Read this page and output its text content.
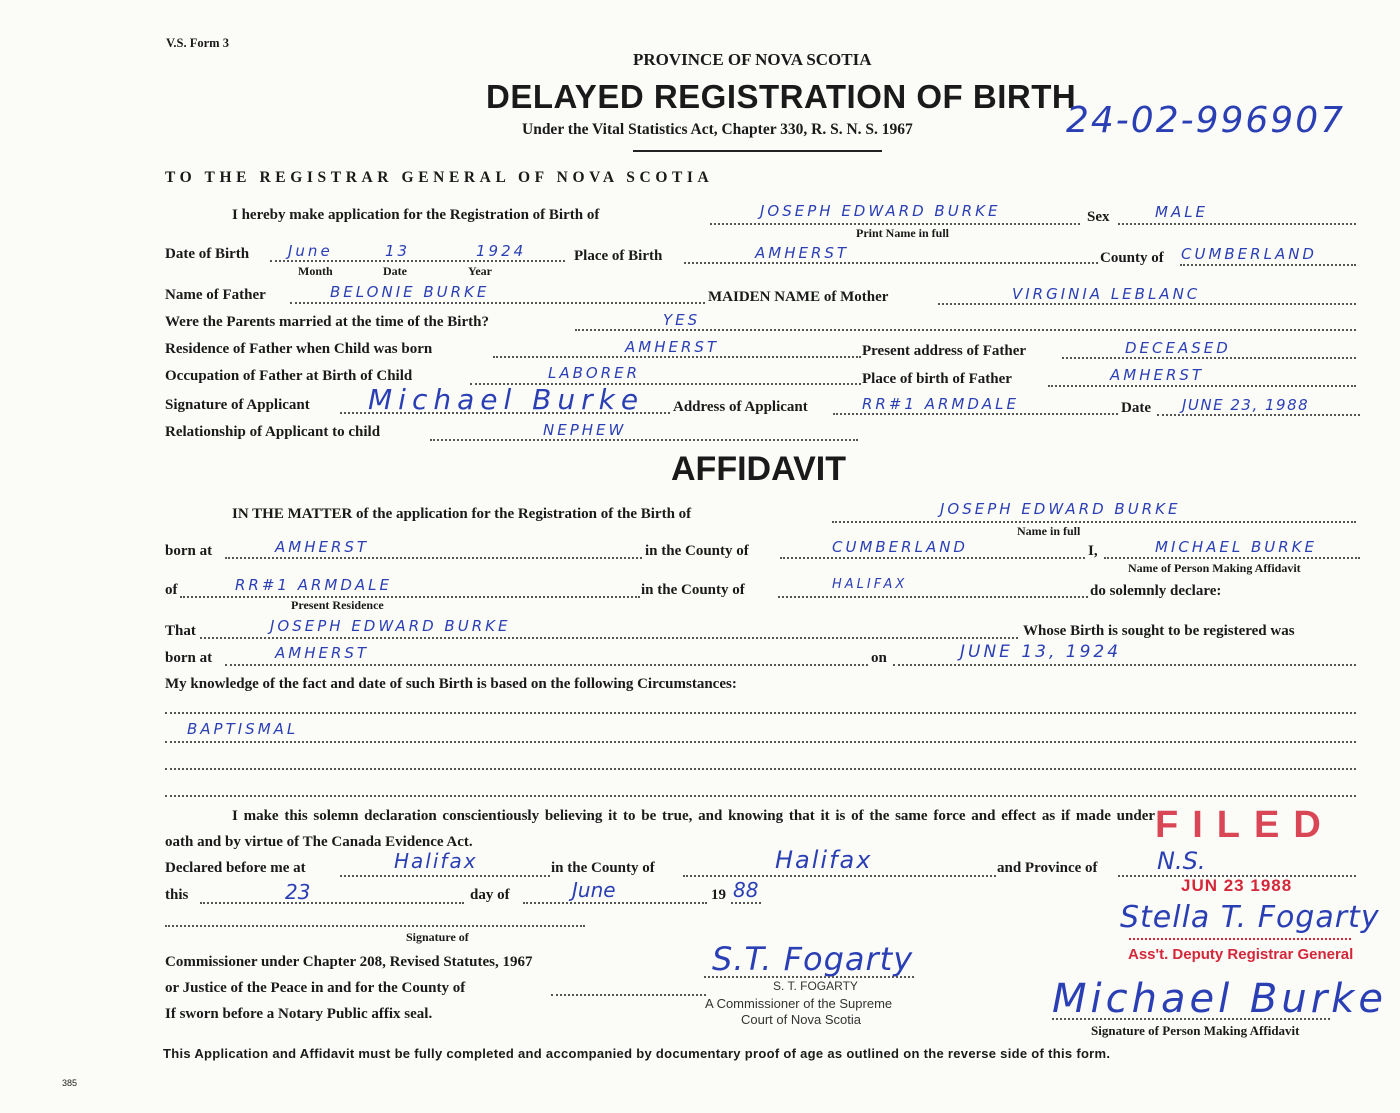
V.S. Form 3
PROVINCE OF NOVA SCOTIA
DELAYED REGISTRATION OF BIRTH
Under the Vital Statistics Act, Chapter 330, R. S. N. S. 1967	24-02-996907
TO THE REGISTRAR GENERAL OF NOVA SCOTIA
I hereby make application for the Registration of Birth of	JOSEPH EDWARD BURKE
Print Name in full
Sex	MALE
Date of Birth	June	13	1924
Month	Date	Year
Place of Birth	AMHERST	County of CUMBERLAND
Name of Father	BELONIE BURKE	MAIDEN NAME of Mother	VIRGINIA LEBLANC
Were the Parents married at the time of the Birth?	YES
Residence of Father when Child was born	AMHERST	Present address of Father	DECEASED
Occupation of Father at Birth of Child	LABORER	Place of birth of Father	AMHERST
Signature of Applicant Michael Burke Address of Applicant	RR#1 ARMDALE	Date JUNE 23, 1988
Relationship of Applicant to child	NEPHEW
AFFIDAVIT
IN THE MATTER of the application for the Registration of the Birth of	JOSEPH EDWARD BURKE
Name in full
born at	AMHERST	in the County of	CUMBERLAND	I,	MICHAEL BURKE
Name of Person Making Affidavit
of	RR#1 ARMDALE
Present Residence
in the County of	HALIFAX	do solemnly declare:
That	JOSEPH EDWARD BURKE	Whose Birth is sought to be registered was
born at	AMHERST	on	JUNE 13, 1924
My knowledge of the fact and date of such Birth is based on the following Circumstances:
BAPTISMAL
I make this solemn declaration conscientiously believing it to be true, and knowing that it is of the same force and effect as if made under
oath and by virtue of The Canada Evidence Act.
Declared before me at	Halifax	in the County of	Halifax	and Province of N.S.
this	23	day of	June	19 88
Signature of
Commissioner under Chapter 208, Revised Statutes, 1967
or Justice of the Peace in and for the County of
If sworn before a Notary Public affix seal.
S.T. Fogarty
S. T. FOGARTY
A Commissioner of the Supreme
Court of Nova Scotia
FILED
JUN 23 1988
Stella T. Fogarty
Ass't. Deputy Registrar General
Michael Burke
Signature of Person Making Affidavit
This Application and Affidavit must be fully completed and accompanied by documentary proof of age as outlined on the reverse side of this form.
385
